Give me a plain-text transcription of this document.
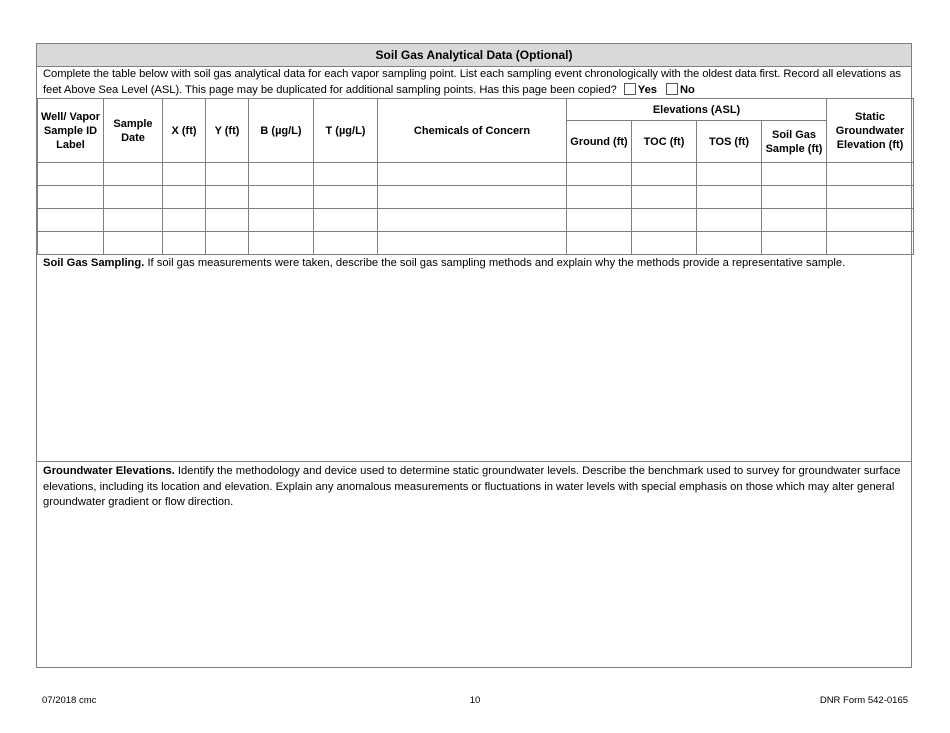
Soil Gas Analytical Data (Optional)
Complete the table below with soil gas analytical data for each vapor sampling point. List each sampling event chronologically with the oldest data first. Record all elevations as feet Above Sea Level (ASL). This page may be duplicated for additional sampling points. Has this page been copied? Yes No
Well/ Vapor Sample ID Label	Sample Date	X (ft)	Y (ft)	B (µg/L)	T (µg/L)	Chemicals of Concern	Elevations (ASL)				Static Groundwater Elevation (ft)
							Ground (ft)	TOC (ft)	TOS (ft)	Soil Gas Sample (ft)	

Soil Gas Sampling. If soil gas measurements were taken, describe the soil gas sampling methods and explain why the methods provide a representative sample.
Groundwater Elevations. Identify the methodology and device used to determine static groundwater levels. Describe the benchmark used to survey for groundwater surface elevations, including its location and elevation. Explain any anomalous measurements or fluctuations in water levels with special emphasis on those which may alter general groundwater gradient or flow direction.
10
07/2018 cmc	DNR Form 542-0165
